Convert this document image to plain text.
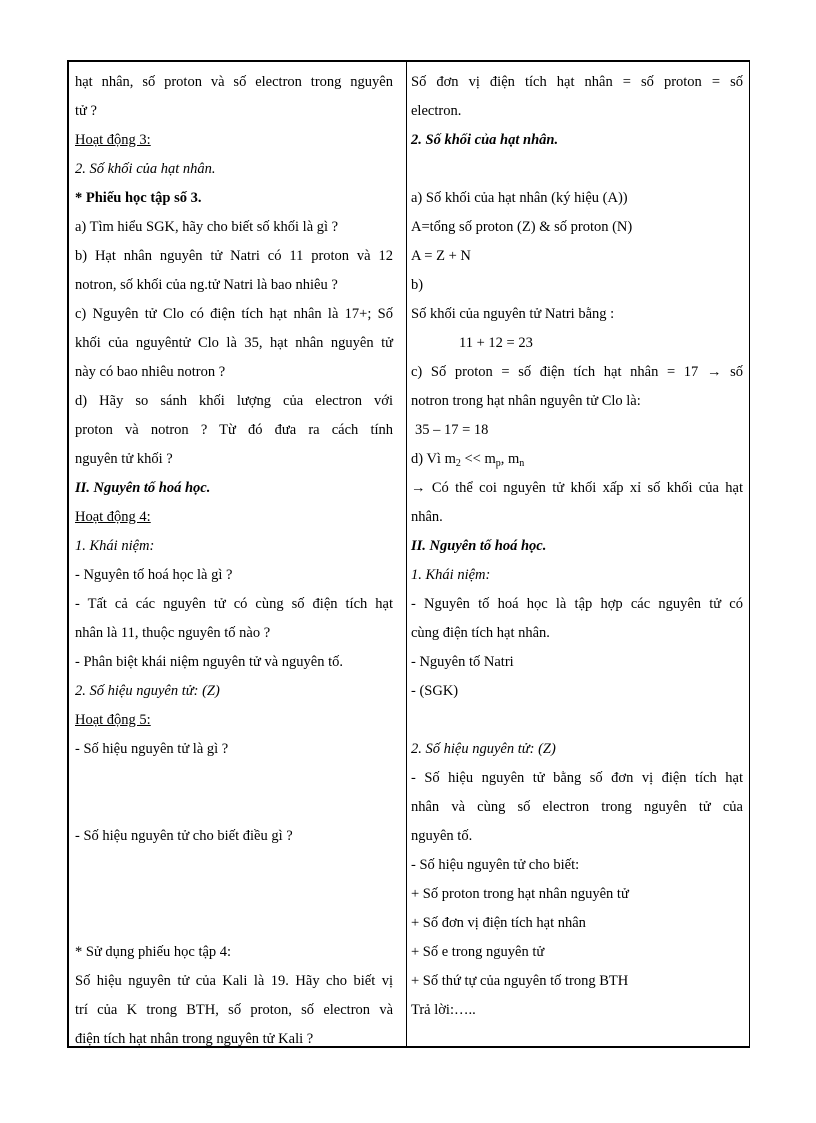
hạt nhân, số proton và số electron trong nguyên
tử ?
Hoạt động 3:
2. Số khối của hạt nhân.
* Phiếu học tập số 3.
a) Tìm hiểu SGK, hãy cho biết số khối là gì ?
b) Hạt nhân nguyên tử Natri có 11 proton và 12
notron, số khối của ng.tử Natri là bao nhiêu ?
c) Nguyên tử Clo có điện tích hạt nhân là 17+; Số
khối của nguyêntử Clo là 35, hạt nhân nguyên tử
này có bao nhiêu notron ?
d) Hãy so sánh khối lượng của electron với
proton và notron ? Từ đó đưa ra cách tính
nguyên tử khối ?
II. Nguyên tố hoá học.
Hoạt động 4:
1. Khái niệm:
- Nguyên tố hoá học là gì ?
- Tất cả các nguyên tử có cùng số điện tích hạt
nhân là 11, thuộc nguyên tố nào ?
- Phân biệt khái niệm nguyên tử và nguyên tố.
2. Số hiệu nguyên tử: (Z)
Hoạt động 5:
- Số hiệu nguyên tử là gì ?
- Số hiệu nguyên tử cho biết điều gì ?
* Sử dụng phiếu học tập 4:
Số hiệu nguyên tử của Kali là 19. Hãy cho biết vị
trí của K trong BTH, số proton, số electron và
điện tích hạt nhân trong nguyên tử Kali ?
Số đơn vị điện tích hạt nhân = số proton = số
electron.
2. Số khối của hạt nhân.
a) Số khối của hạt nhân (ký hiệu (A))
A=tổng số proton (Z) & số proton (N)
A = Z + N
b)
Số khối của nguyên tử Natri bằng :
11 + 12 = 23
c) Số proton = số điện tích hạt nhân = 17 → số
notron trong hạt nhân nguyên tử Clo là:
35 – 17 = 18
d) Vì $m_2 << m_p$, $m_n$
→ Có thể coi nguyên tử khối xấp xỉ số khối của hạt
nhân.
II. Nguyên tố hoá học.
1. Khái niệm:
- Nguyên tố hoá học là tập hợp các nguyên tử có
cùng điện tích hạt nhân.
- Nguyên tố Natri
- (SGK)
2. Số hiệu nguyên tử: (Z)
- Số hiệu nguyên tử bằng số đơn vị điện tích hạt
nhân và cùng số electron trong nguyên tử của
nguyên tố.
- Số hiệu nguyên tử cho biết:
+ Số proton trong hạt nhân nguyên tử
+ Số đơn vị điện tích hạt nhân
+ Số e trong nguyên tử
+ Số thứ tự của nguyên tố trong BTH
Trả lời:…..
